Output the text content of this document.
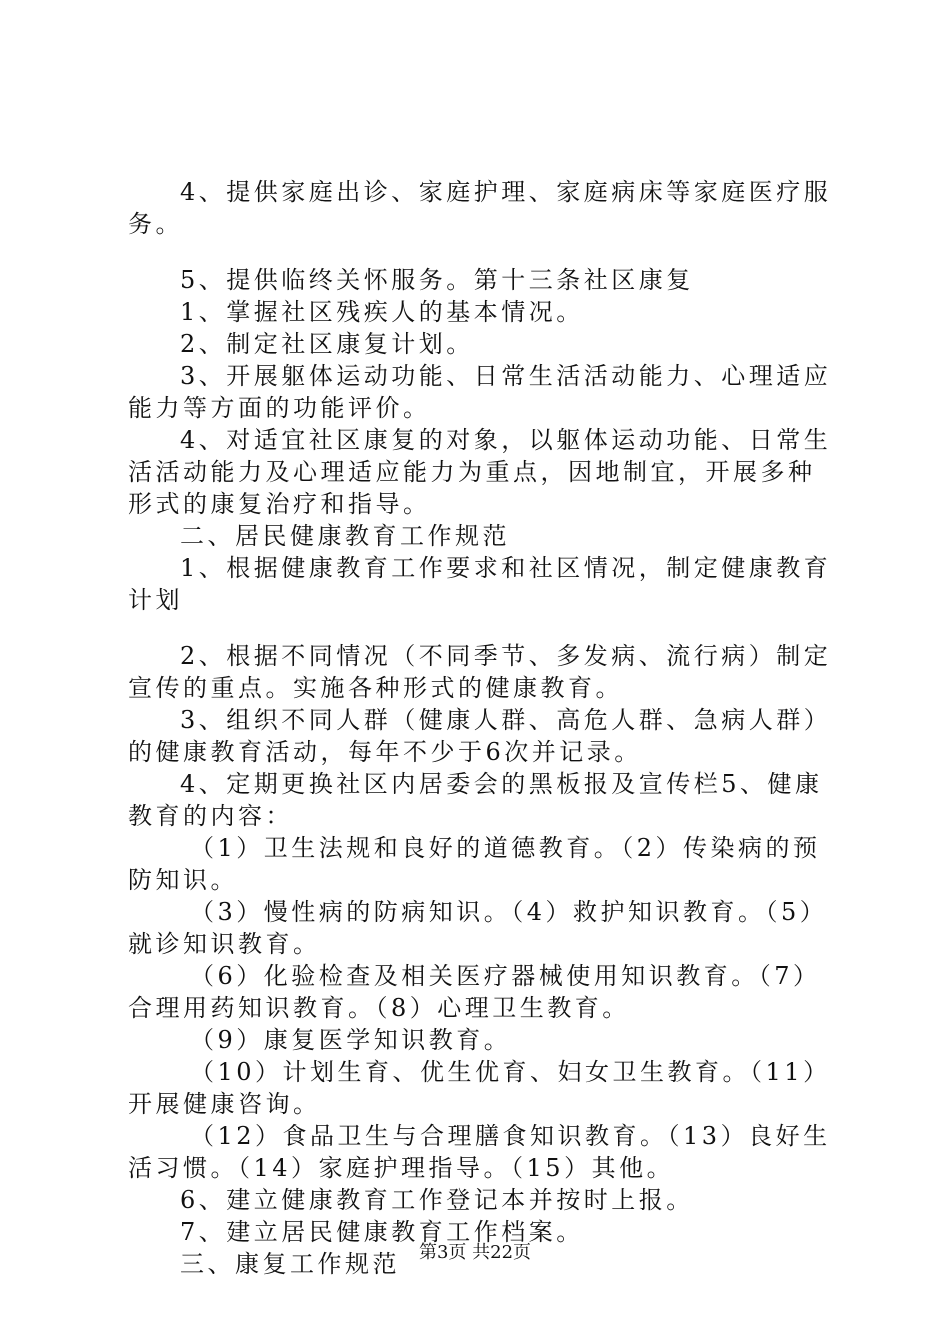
4、提供家庭出诊、家庭护理、家庭病床等家庭医疗服务。

5、提供临终关怀服务。第十三条社区康复

1、掌握社区残疾人的基本情况。

2、制定社区康复计划。

3、开展躯体运动功能、日常生活活动能力、心理适应能力等方面的功能评价。

4、对适宜社区康复的对象，以躯体运动功能、日常生活活动能力及心理适应能力为重点，因地制宜，开展多种形式的康复治疗和指导。

二、居民健康教育工作规范

1、根据健康教育工作要求和社区情况，制定健康教育计划

2、根据不同情况（不同季节、多发病、流行病）制定宣传的重点。实施各种形式的健康教育。

3、组织不同人群（健康人群、高危人群、急病人群）的健康教育活动，每年不少于6次并记录。

4、定期更换社区内居委会的黑板报及宣传栏5、健康教育的内容：

（1）卫生法规和良好的道德教育。（2）传染病的预防知识。

（3）慢性病的防病知识。（4）救护知识教育。（5）就诊知识教育。

（6）化验检查及相关医疗器械使用知识教育。（7）合理用药知识教育。（8）心理卫生教育。

（9）康复医学知识教育。

（10）计划生育、优生优育、妇女卫生教育。（11）开展健康咨询。

（12）食品卫生与合理膳食知识教育。（13）良好生活习惯。（14）家庭护理指导。（15）其他。

6、建立健康教育工作登记本并按时上报。

7、建立居民健康教育工作档案。

三、康复工作规范	第3页 共22页
